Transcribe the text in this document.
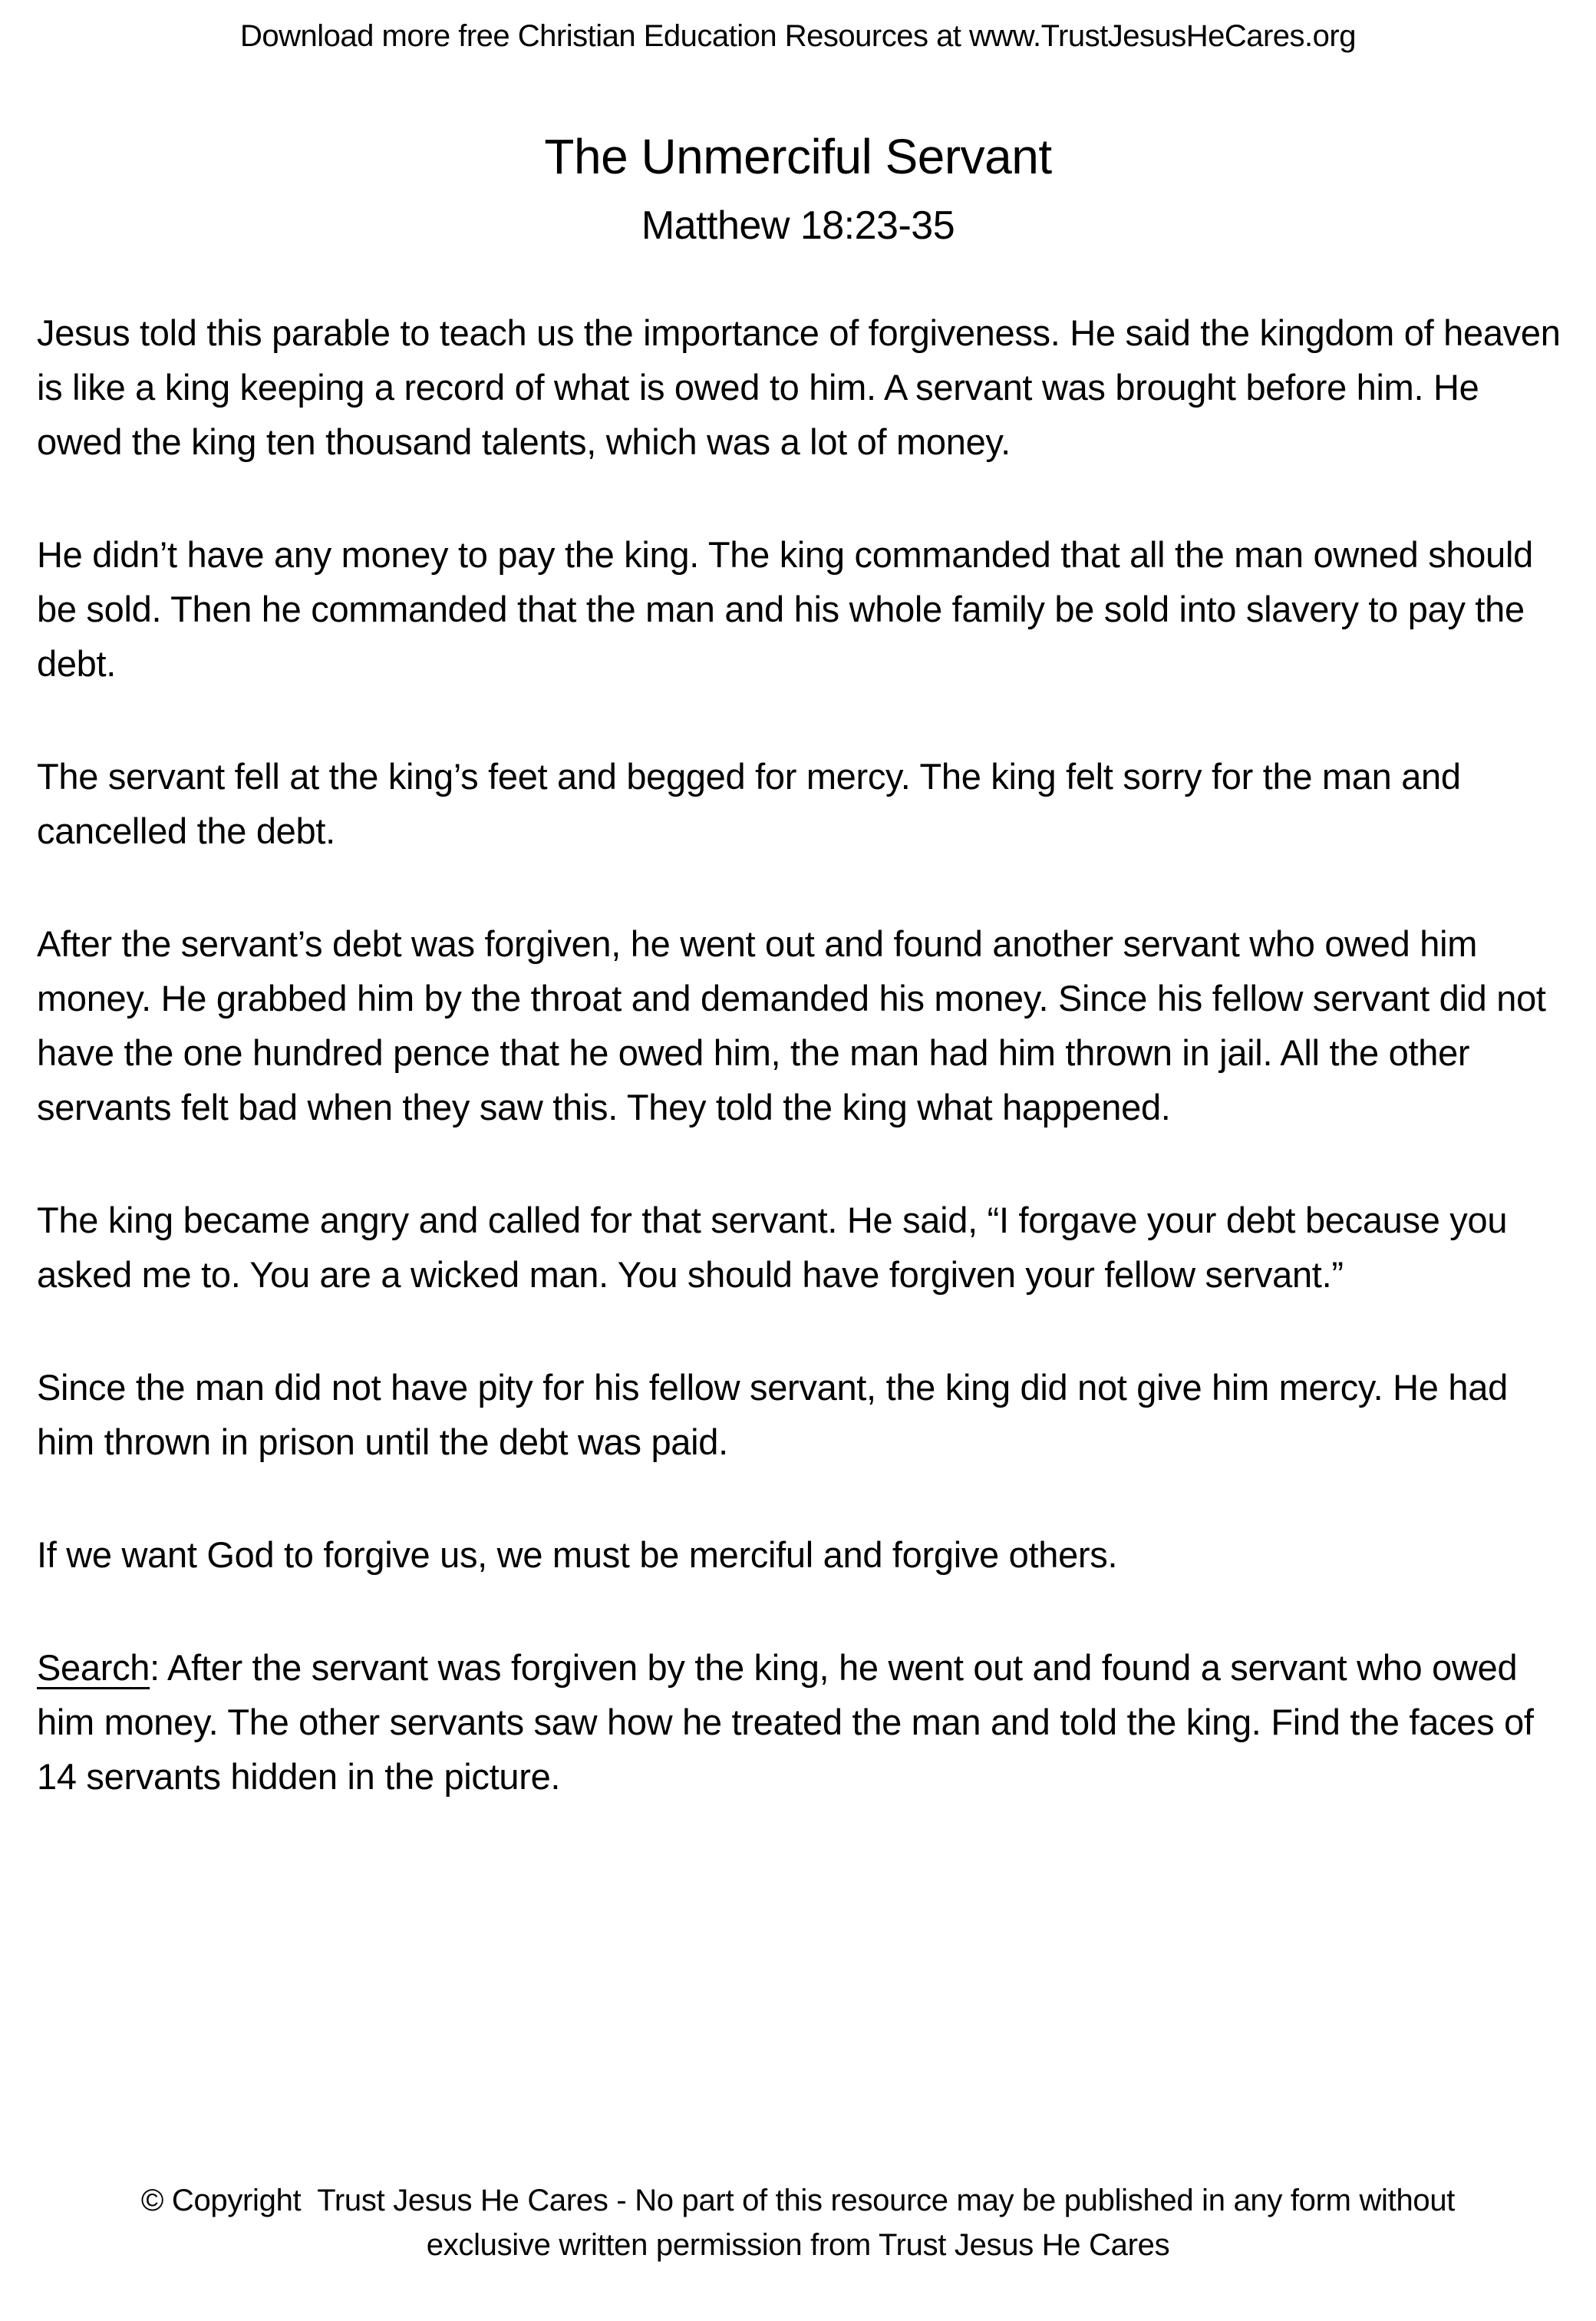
Download more free Christian Education Resources at www.TrustJesusHeCares.org
The Unmerciful Servant
Matthew 18:23-35

Jesus told this parable to teach us the importance of forgiveness. He said the kingdom of heaven is like a king keeping a record of what is owed to him. A servant was brought before him. He owed the king ten thousand talents, which was a lot of money.

He didn’t have any money to pay the king. The king commanded that all the man owned should be sold. Then he commanded that the man and his whole family be sold into slavery to pay the debt.

The servant fell at the king’s feet and begged for mercy. The king felt sorry for the man and cancelled the debt.

After the servant’s debt was forgiven, he went out and found another servant who owed him money. He grabbed him by the throat and demanded his money. Since his fellow servant did not have the one hundred pence that he owed him, the man had him thrown in jail. All the other servants felt bad when they saw this. They told the king what happened.

The king became angry and called for that servant. He said, “I forgave your debt because you asked me to. You are a wicked man. You should have forgiven your fellow servant.”

Since the man did not have pity for his fellow servant, the king did not give him mercy. He had him thrown in prison until the debt was paid.

If we want God to forgive us, we must be merciful and forgive others.

Search: After the servant was forgiven by the king, he went out and found a servant who owed him money. The other servants saw how he treated the man and told the king. Find the faces of 14 servants hidden in the picture.

© Copyright  Trust Jesus He Cares - No part of this resource may be published in any form without
exclusive written permission from Trust Jesus He Cares
